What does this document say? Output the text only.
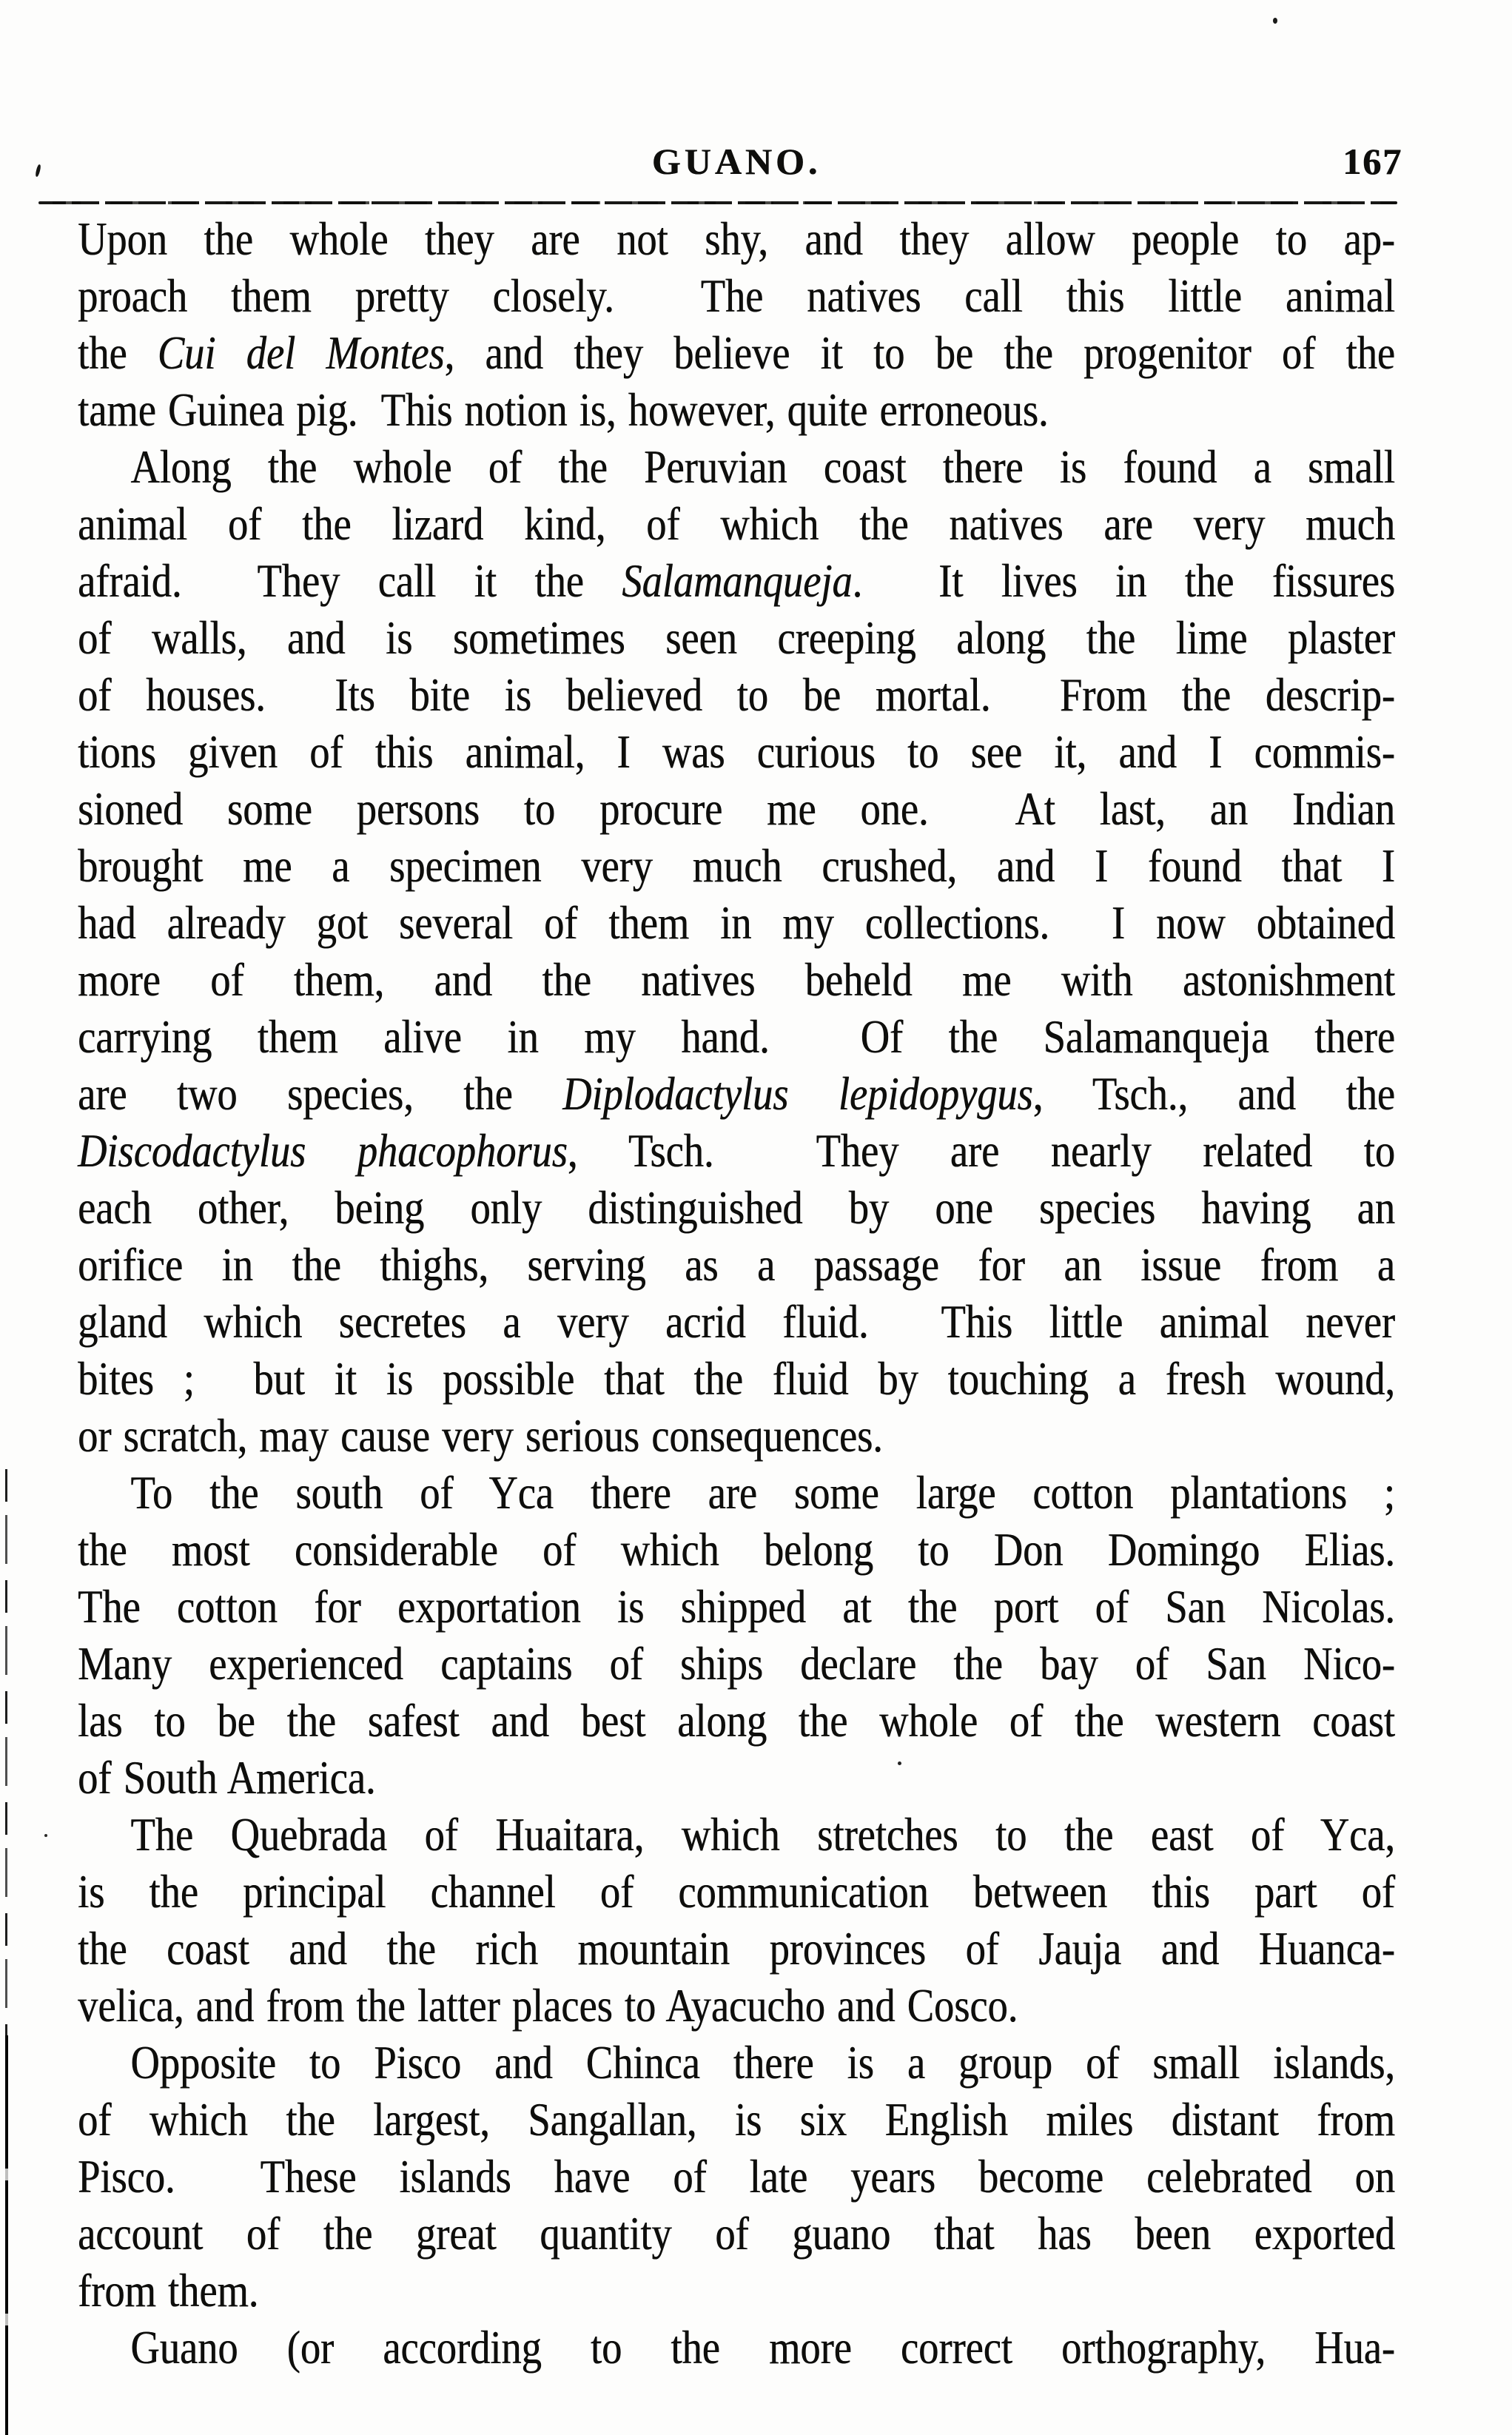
GUANO.	167
Upon the whole they are not shy, and they allow people to ap-
proach them pretty closely.  The natives call this little animal
the Cui del Montes, and they believe it to be the progenitor of the
tame Guinea pig.  This notion is, however, quite erroneous.
Along the whole of the Peruvian coast there is found a small
animal of the lizard kind, of which the natives are very much
afraid.  They call it the Salamanqueja.  It lives in the fissures
of walls, and is sometimes seen creeping along the lime plaster
of houses.  Its bite is believed to be mortal.  From the descrip-
tions given of this animal, I was curious to see it, and I commis-
sioned some persons to procure me one.  At last, an Indian
brought me a specimen very much crushed, and I found that I
had already got several of them in my collections.  I now obtained
more of them, and the natives beheld me with astonishment
carrying them alive in my hand.  Of the Salamanqueja there
are two species, the Diplodactylus lepidopygus, Tsch., and the
Discodactylus phacophorus, Tsch.  They are nearly related to
each other, being only distinguished by one species having an
orifice in the thighs, serving as a passage for an issue from a
gland which secretes a very acrid fluid.  This little animal never
bites ;  but it is possible that the fluid by touching a fresh wound,
or scratch, may cause very serious consequences.
To the south of Yca there are some large cotton plantations ;
the most considerable of which belong to Don Domingo Elias.
The cotton for exportation is shipped at the port of San Nicolas.
Many experienced captains of ships declare the bay of San Nico-
las to be the safest and best along the whole of the western coast
of South America.
The Quebrada of Huaitara, which stretches to the east of Yca,
is the principal channel of communication between this part of
the coast and the rich mountain provinces of Jauja and Huanca-
velica, and from the latter places to Ayacucho and Cosco.
Opposite to Pisco and Chinca there is a group of small islands,
of which the largest, Sangallan, is six English miles distant from
Pisco.  These islands have of late years become celebrated on
account of the great quantity of guano that has been exported
from them.
Guano (or according to the more correct orthography, Hua-
